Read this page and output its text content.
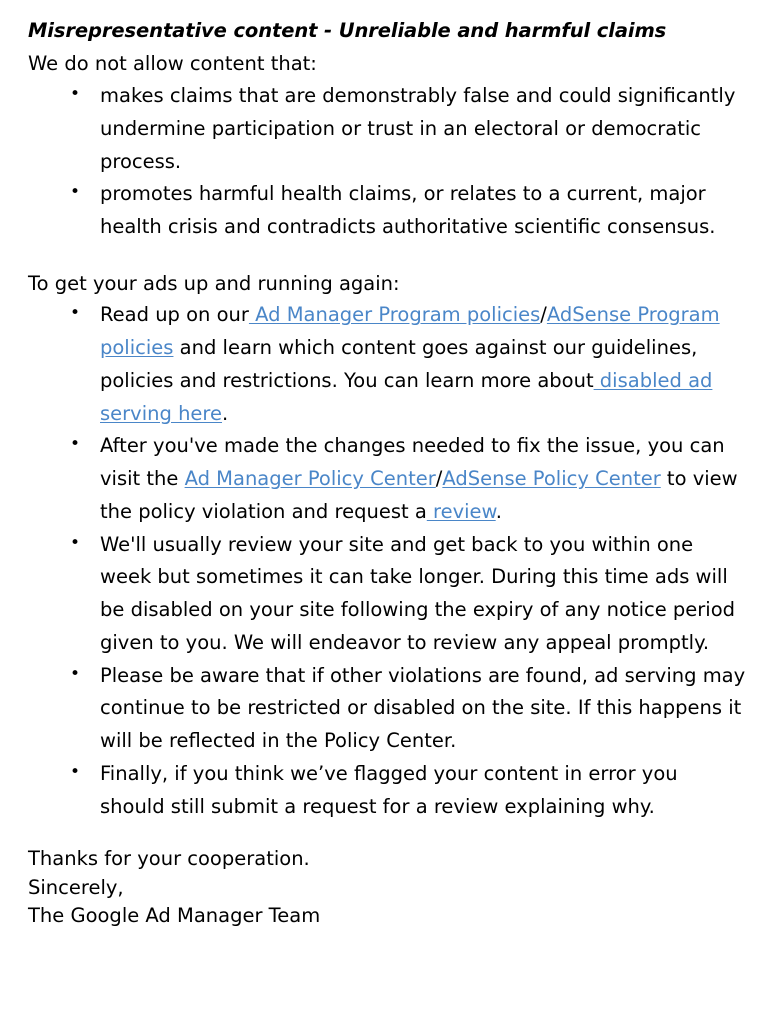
Misrepresentative content - Unreliable and harmful claims

We do not allow content that:

• makes claims that are demonstrably false and could significantly undermine participation or trust in an electoral or democratic process.
• promotes harmful health claims, or relates to a current, major health crisis and contradicts authoritative scientific consensus.

To get your ads up and running again:

• Read up on our Ad Manager Program policies/AdSense Program policies and learn which content goes against our guidelines, policies and restrictions. You can learn more about disabled ad serving here.
• After you've made the changes needed to fix the issue, you can visit the Ad Manager Policy Center/AdSense Policy Center to view the policy violation and request a review.
• We'll usually review your site and get back to you within one week but sometimes it can take longer. During this time ads will be disabled on your site following the expiry of any notice period given to you. We will endeavor to review any appeal promptly.
• Please be aware that if other violations are found, ad serving may continue to be restricted or disabled on the site. If this happens it will be reflected in the Policy Center.
• Finally, if you think we’ve flagged your content in error you should still submit a request for a review explaining why.

Thanks for your cooperation.

Sincerely,

The Google Ad Manager Team
